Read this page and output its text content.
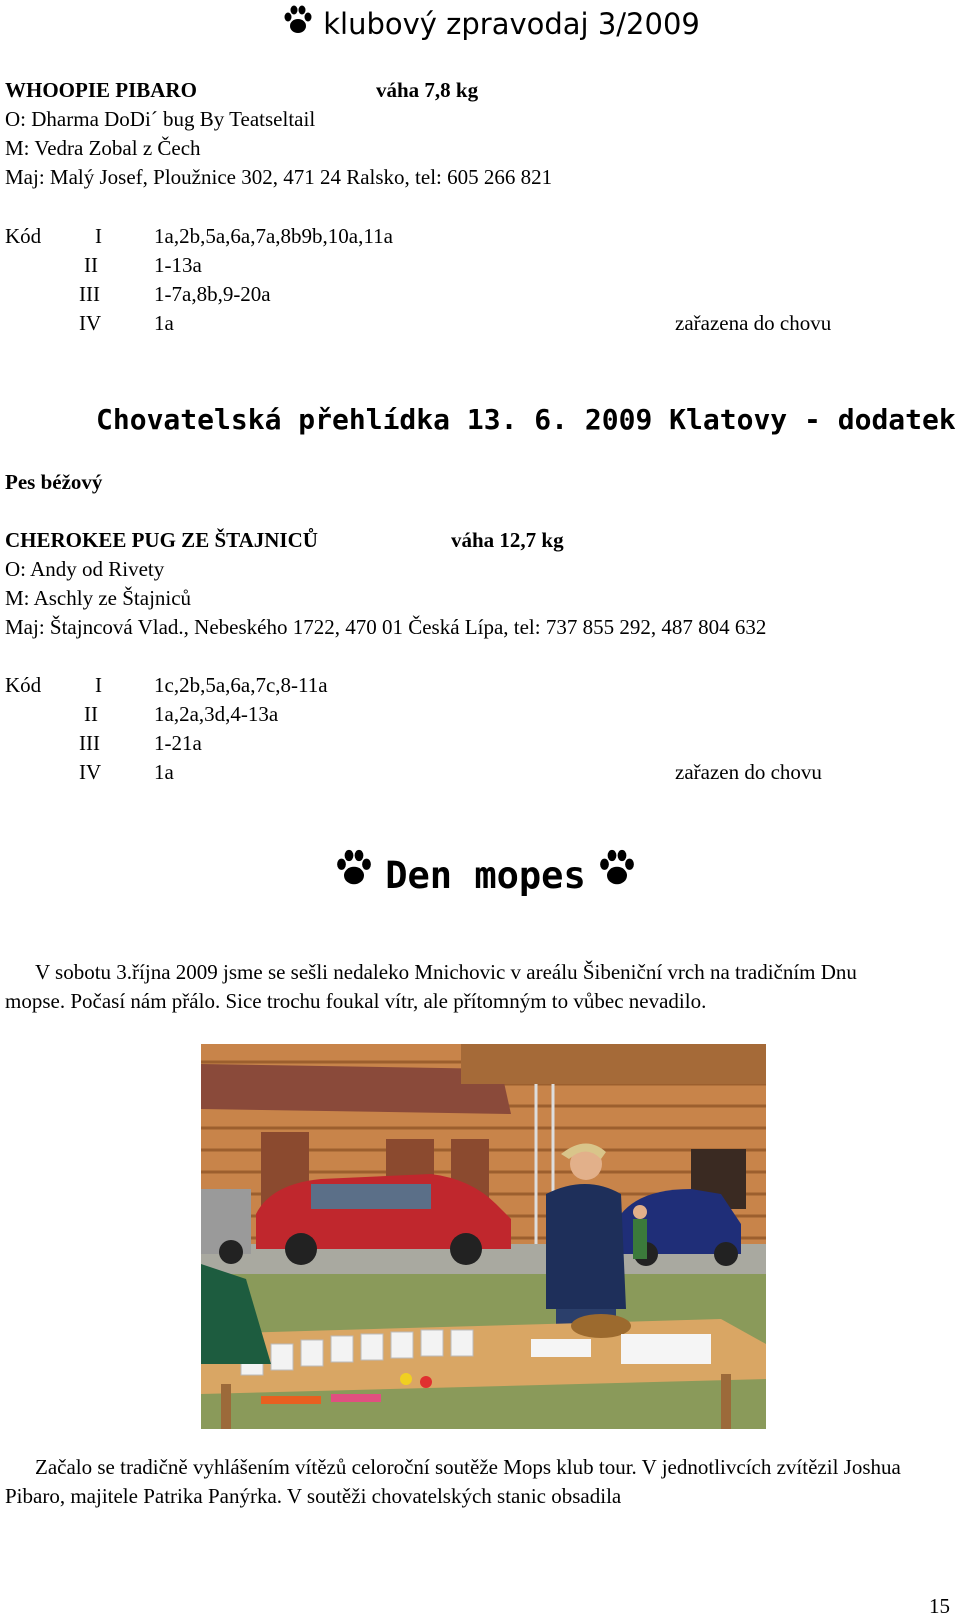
klubový zpravodaj 3/2009
WHOOPIE PIBARO	váha 7,8 kg
O: Dharma DoDi´ bug By Teatseltail
M: Vedra Zobal z Čech
Maj: Malý Josef, Ploužnice 302, 471 24 Ralsko, tel: 605 266 821
Kód	I 1a,2b,5a,6a,7a,8b9b,10a,11a
II	1-13a
III	1-7a,8b,9-20a
IV	1a	zařazena do chovu
Chovatelská přehlídka 13. 6. 2009 Klatovy - dodatek
Pes béžový
CHEROKEE PUG ZE ŠTAJNICŮ	váha 12,7 kg
O: Andy od Rivety
M: Aschly ze Štajniců
Maj: Štajncová Vlad., Nebeského 1722, 470 01 Česká Lípa, tel: 737 855 292, 487 804 632
Kód	I 1c,2b,5a,6a,7c,8-11a
II	1a,2a,3d,4-13a
III	1-21a
IV	1a	zařazen do chovu
Den mopes
V sobotu 3.října 2009 jsme se sešli nedaleko Mnichovic v areálu Šibeniční vrch na tradičním Dnu mopse. Počasí nám přálo. Sice trochu foukal vítr, ale přítomným to vůbec nevadilo.
Začalo se tradičně vyhlášením vítězů celoroční soutěže Mops klub tour. V jednotlivcích zvítězil Joshua Pibaro, majitele Patrika Panýrka. V soutěži chovatelských stanic obsadila
15
